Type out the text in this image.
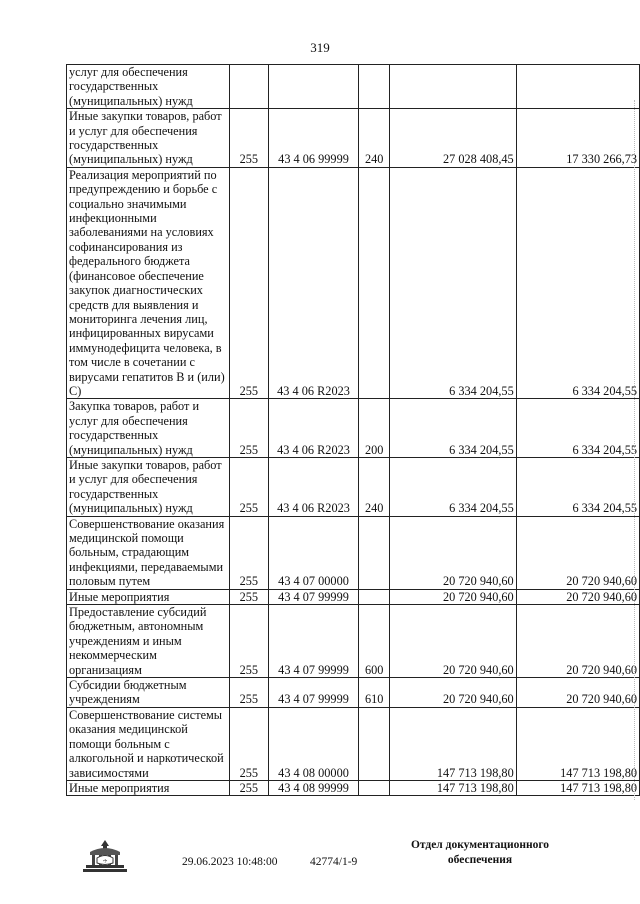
319
услуг для обеспечения государственных (муниципальных) нужд					
Иные закупки товаров, работ и услуг для обеспечения государственных (муниципальных) нужд	255	43 4 06 99999	240	27 028 408,45	17 330 266,73
Реализация мероприятий по предупреждению и борьбе с социально значимыми инфекционными заболеваниями на условиях софинансирования из федерального бюджета (финансовое обеспечение закупок диагностических средств для выявления и мониторинга лечения лиц, инфицированных вирусами иммунодефицита человека, в том числе в сочетании с вирусами гепатитов В и (или) С)	255	43 4 06 R2023		6 334 204,55	6 334 204,55
Закупка товаров, работ и услуг для обеспечения государственных (муниципальных) нужд	255	43 4 06 R2023	200	6 334 204,55	6 334 204,55
Иные закупки товаров, работ и услуг для обеспечения государственных (муниципальных) нужд	255	43 4 06 R2023	240	6 334 204,55	6 334 204,55
Совершенствование оказания медицинской помощи больным, страдающим инфекциями, передаваемыми половым путем	255	43 4 07 00000		20 720 940,60	20 720 940,60
Иные мероприятия	255	43 4 07 99999		20 720 940,60	20 720 940,60
Предоставление субсидий бюджетным, автономным учреждениям и иным некоммерческим организациям	255	43 4 07 99999	600	20 720 940,60	20 720 940,60
Субсидии бюджетным учреждениям	255	43 4 07 99999	610	20 720 940,60	20 720 940,60
Совершенствование системы оказания медицинской помощи больным с алкогольной и наркотической зависимостями	255	43 4 08 00000		147 713 198,80	147 713 198,80
Иные мероприятия	255	43 4 08 99999		147 713 198,80	147 713 198,80
☩	29.06.2023 10:48:00	42774/1-9
Отдел документационного обеспечения
